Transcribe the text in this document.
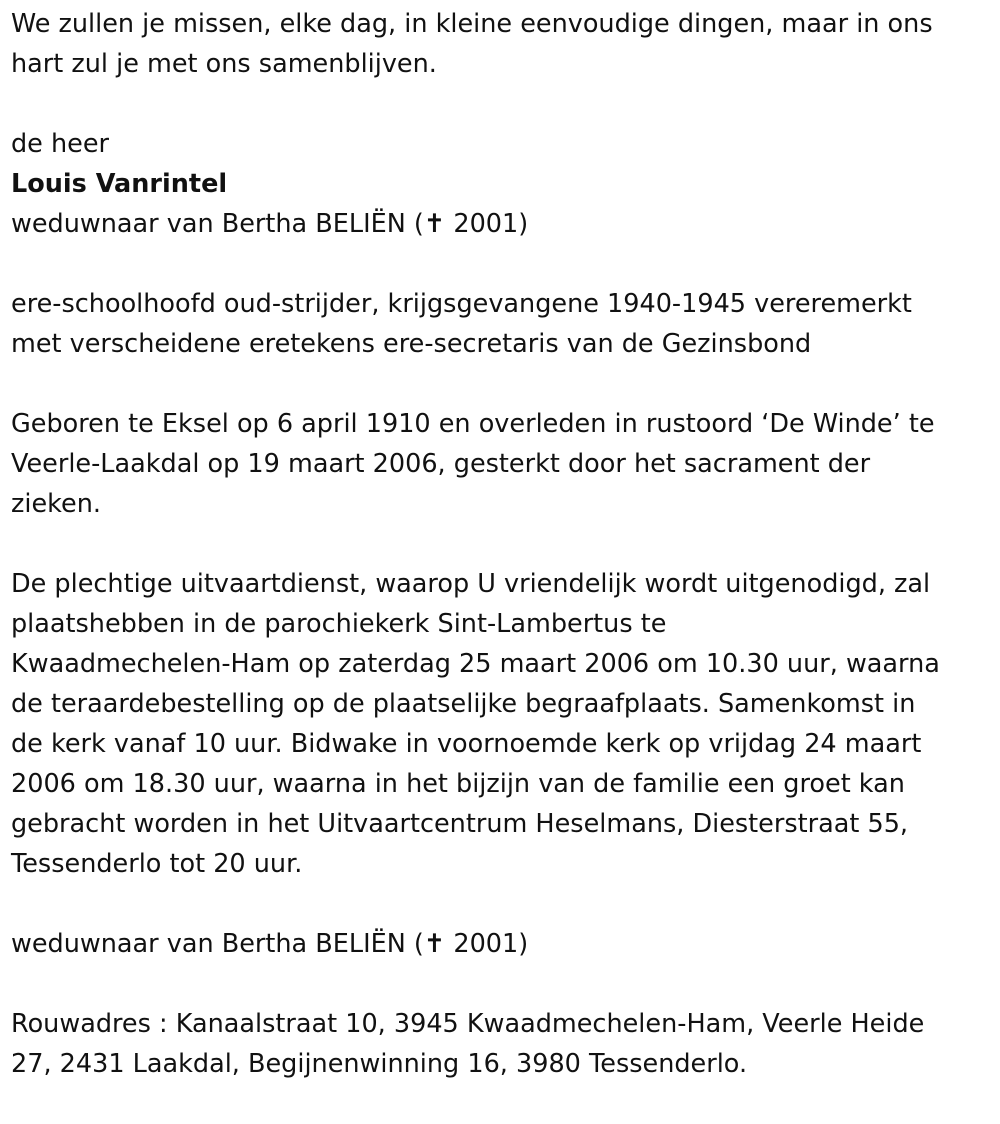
We zullen je missen, elke dag, in kleine eenvoudige dingen, maar in ons
hart zul je met ons samenblijven.

de heer
Louis Vanrintel
weduwnaar van Bertha BELIËN (✝ 2001)

ere-schoolhoofd oud-strijder, krijgsgevangene 1940-1945 vereremerkt
met verscheidene eretekens ere-secretaris van de Gezinsbond

Geboren te Eksel op 6 april 1910 en overleden in rustoord ‘De Winde’ te
Veerle-Laakdal op 19 maart 2006, gesterkt door het sacrament der
zieken.

De plechtige uitvaartdienst, waarop U vriendelijk wordt uitgenodigd, zal
plaatshebben in de parochiekerk Sint-Lambertus te
Kwaadmechelen-Ham op zaterdag 25 maart 2006 om 10.30 uur, waarna
de teraardebestelling op de plaatselijke begraafplaats. Samenkomst in
de kerk vanaf 10 uur. Bidwake in voornoemde kerk op vrijdag 24 maart
2006 om 18.30 uur, waarna in het bijzijn van de familie een groet kan
gebracht worden in het Uitvaartcentrum Heselmans, Diesterstraat 55,
Tessenderlo tot 20 uur.

weduwnaar van Bertha BELIËN (✝ 2001)

Rouwadres : Kanaalstraat 10, 3945 Kwaadmechelen-Ham, Veerle Heide
27, 2431 Laakdal, Begijnenwinning 16, 3980 Tessenderlo.
